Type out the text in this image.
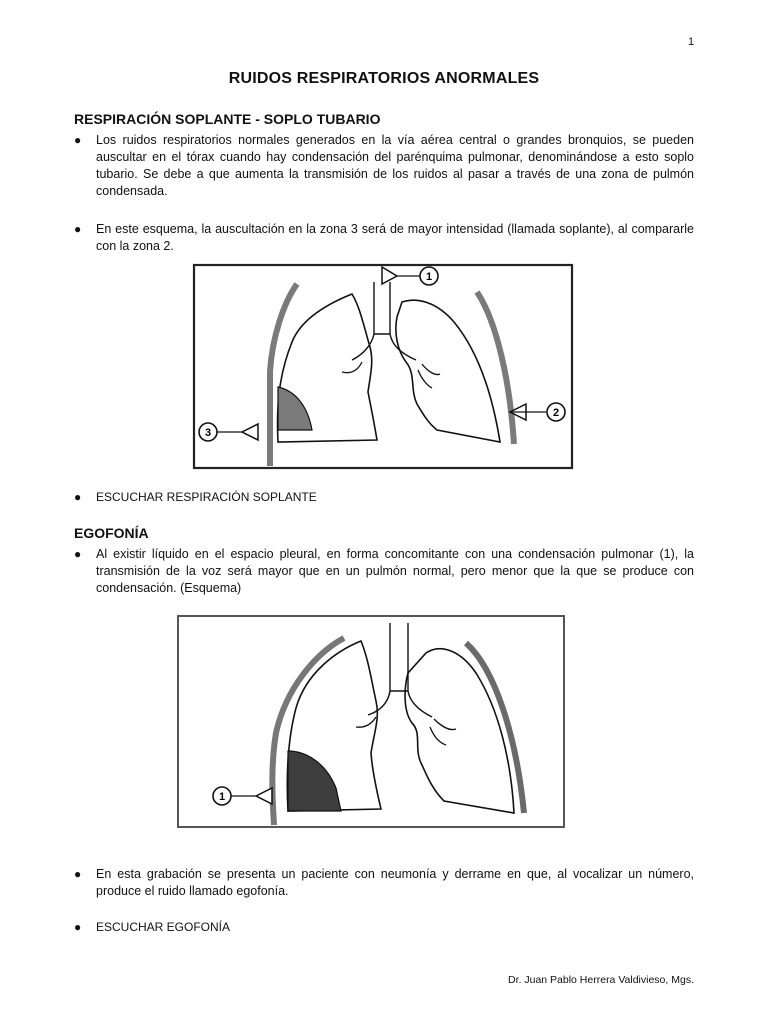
1
RUIDOS RESPIRATORIOS ANORMALES
RESPIRACIÓN SOPLANTE - SOPLO TUBARIO
● Los ruidos respiratorios normales generados en la vía aérea central o grandes bronquios, se pueden auscultar en el tórax cuando hay condensación del parénquima pulmonar, denominándose a esto soplo tubario. Se debe a que aumenta la transmisión de los ruidos al pasar a través de una zona de pulmón condensada.
● En este esquema, la auscultación en la zona 3 será de mayor intensidad (llamada soplante), al compararle con la zona 2.
1
2
3
● ESCUCHAR RESPIRACIÓN SOPLANTE
EGOFONÍA
● Al existir líquido en el espacio pleural, en forma concomitante con una condensación pulmonar (1), la transmisión de la voz será mayor que en un pulmón normal, pero menor que la que se produce con condensación. (Esquema)
1
● En esta grabación se presenta un paciente con neumonía y derrame en que, al vocalizar un número, produce el ruido llamado egofonía.
● ESCUCHAR EGOFONÍA
Dr. Juan Pablo Herrera Valdivieso, Mgs.
